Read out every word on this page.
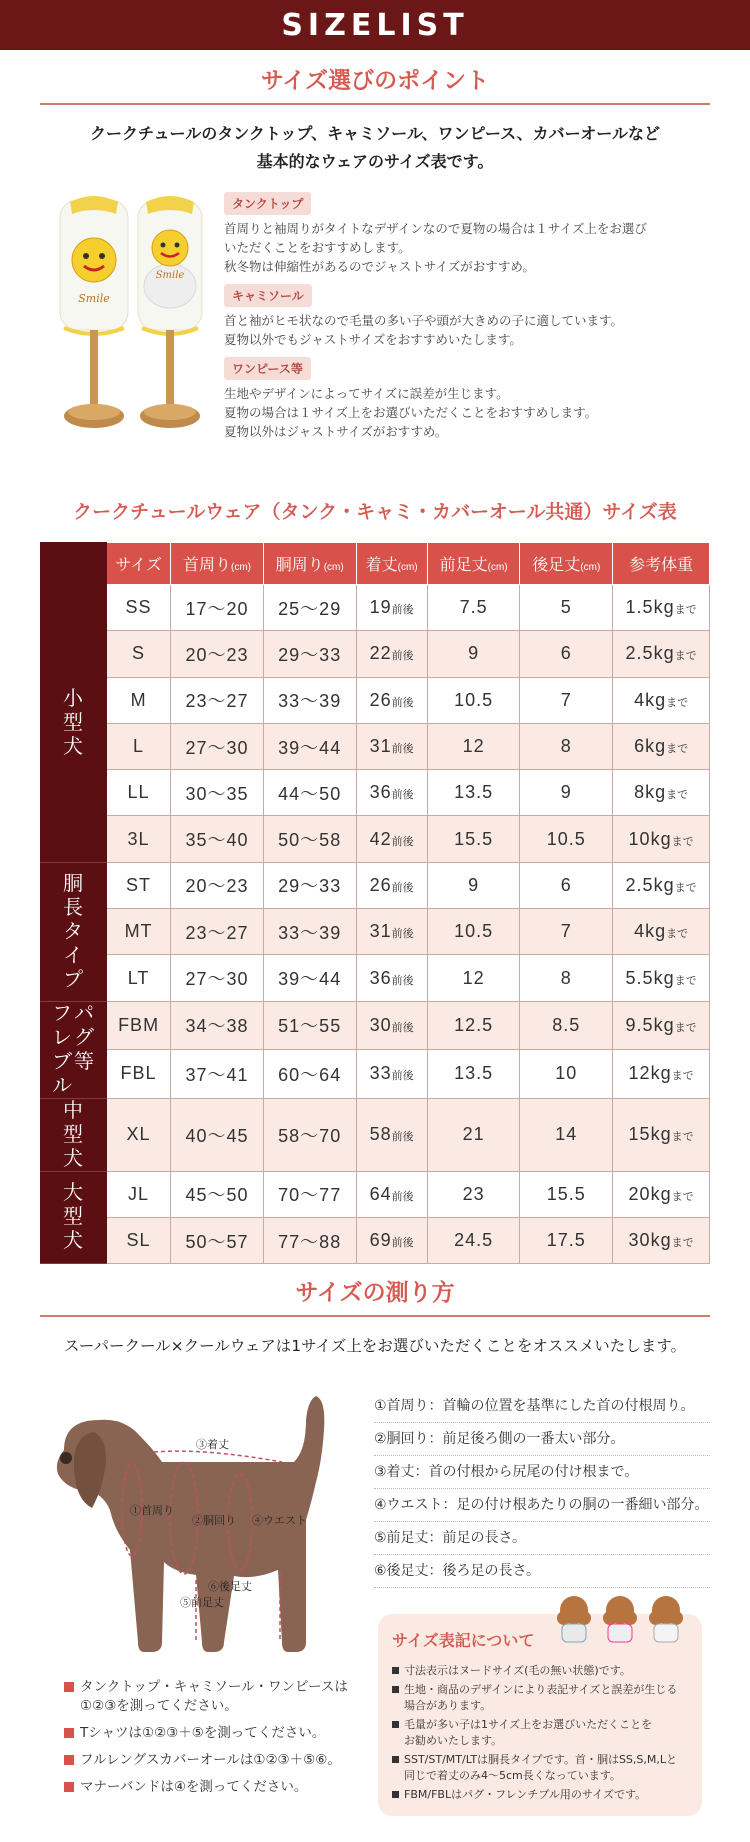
SIZELIST
サイズ選びのポイント
クークチュールのタンクトップ、キャミソール、ワンピース、カバーオールなど
基本的なウェアのサイズ表です。
Smile
Smile
タンクトップ
首周りと袖周りがタイトなデザインなので夏物の場合は１サイズ上をお選び
いただくことをおすすめします。
秋冬物は伸縮性があるのでジャストサイズがおすすめ。
キャミソール
首と袖がヒモ状なので毛量の多い子や頭が大きめの子に適しています。
夏物以外でもジャストサイズをおすすめいたします。
ワンピース等
生地やデザインによってサイズに誤差が生じます。
夏物の場合は１サイズ上をお選びいただくことをおすすめします。
夏物以外はジャストサイズがおすすめ。
クークチュールウェア（タンク・キャミ・カバーオール共通）サイズ表
	サイズ	首周り(cm)	胴周り(cm)	着丈(cm)	前足丈(cm)	後足丈(cm)	参考体重
小型犬	SS	17〜20	25〜29	19前後	7.5	5	1.5kgまで
	S	20〜23	29〜33	22前後	9	6	2.5kgまで
	M	23〜27	33〜39	26前後	10.5	7	4kgまで
	L	27〜30	39〜44	31前後	12	8	6kgまで
	LL	30〜35	44〜50	36前後	13.5	9	8kgまで
	3L	35〜40	50〜58	42前後	15.5	10.5	10kgまで
胴長タイプ	ST	20〜23	29〜33	26前後	9	6	2.5kgまで
	MT	23〜27	33〜39	31前後	10.5	7	4kgまで
	LT	27〜30	39〜44	36前後	12	8	5.5kgまで
フレブルパグ等	FBM	34〜38	51〜55	30前後	12.5	8.5	9.5kgまで
	FBL	37〜41	60〜64	33前後	13.5	10	12kgまで
中型犬	XL	40〜45	58〜70	58前後	21	14	15kgまで
大型犬	JL	45〜50	70〜77	64前後	23	15.5	20kgまで
	SL	50〜57	77〜88	69前後	24.5	17.5	30kgまで
サイズの測り方
スーパークール×クールウェアは1サイズ上をお選びいただくことをオススメいたします。
③着丈
①首周り
②胴回り ④ウエスト
⑥後足丈
⑤前足丈
①首周り：首輪の位置を基準にした首の付根周り。
②胴回り：前足後ろ側の一番太い部分。
③着丈：首の付根から尻尾の付け根まで。
④ウエスト：足の付け根あたりの胴の一番細い部分。
⑤前足丈：前足の長さ。
⑥後足丈：後ろ足の長さ。
タンクトップ・キャミソール・ワンピースは
①②③を測ってください。
Tシャツは①②③＋⑤を測ってください。
フルレングスカバーオールは①②③＋⑤⑥。
マナーバンドは④を測ってください。
サイズ表記について
寸法表示はヌードサイズ(毛の無い状態)です。
生地・商品のデザインにより表記サイズと誤差が生じる
場合があります。
毛量が多い子は1サイズ上をお選びいただくことを
お勧めいたします。
SST/ST/MT/LTは胴長タイプです。首・胴はSS,S,M,Lと
同じで着丈のみ4〜5cm長くなっています。
FBM/FBLはパグ・フレンチブル用のサイズです。
